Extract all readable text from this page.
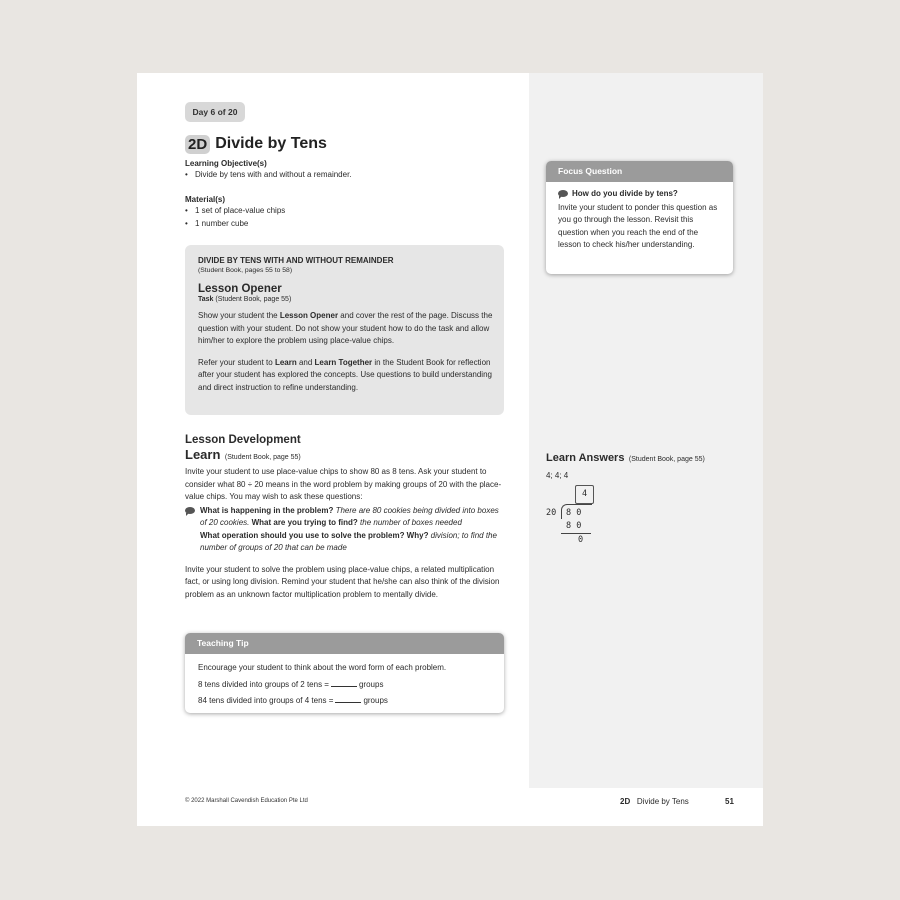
Day 6 of 20
2D Divide by Tens
Learning Objective(s)
• Divide by tens with and without a remainder.
Material(s)
• 1 set of place-value chips
• 1 number cube
DIVIDE BY TENS WITH AND WITHOUT REMAINDER
(Student Book, pages 55 to 58)
Lesson Opener
Task (Student Book, page 55)
Show your student the Lesson Opener and cover the rest of the page. Discuss the question with your student. Do not show your student how to do the task and allow him/her to explore the problem using place-value chips.
Refer your student to Learn and Learn Together in the Student Book for reflection after your student has explored the concepts. Use questions to build understanding and direct instruction to refine understanding.
Lesson Development
Learn (Student Book, page 55)
Invite your student to use place-value chips to show 80 as 8 tens. Ask your student to consider what 80 ÷ 20 means in the word problem by making groups of 20 with the place-value chips. You may wish to ask these questions:
What is happening in the problem? There are 80 cookies being divided into boxes of 20 cookies. What are you trying to find? the number of boxes needed
What operation should you use to solve the problem? Why? division; to find the number of groups of 20 that can be made
Invite your student to solve the problem using place-value chips, a related multiplication fact, or using long division. Remind your student that he/she can also think of the division problem as an unknown factor multiplication problem to mentally divide.
Teaching Tip
Encourage your student to think about the word form of each problem.
8 tens divided into groups of 2 tens =	groups
84 tens divided into groups of 4 tens =	groups
Focus Question
How do you divide by tens?
Invite your student to ponder this question as you go through the lesson. Revisit this question when you reach the end of the lesson to check his/her understanding.
Learn Answers (Student Book, page 55)
4; 4; 4
4
20 8 0
8 0
0
© 2022 Marshall Cavendish Education Pte Ltd	2D Divide by Tens	51
